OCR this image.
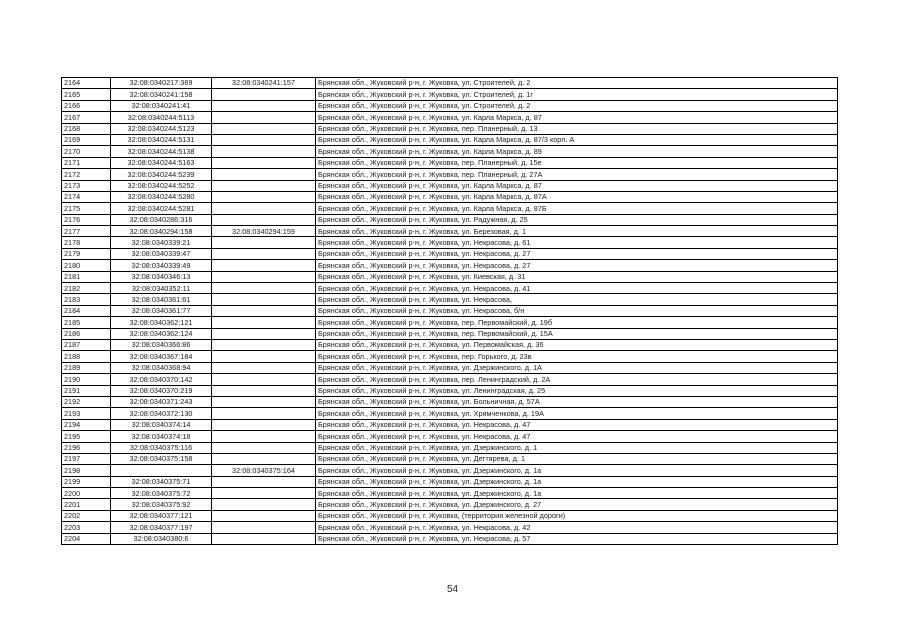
2164	32:08:0340217:369	32:08:0340241:157	Брянская обл., Жуковский р-н, г. Жуковка, ул. Строителей, д. 2
2165	32:08:0340241:158		Брянская обл., Жуковский р-н, г. Жуковка, ул. Строителей, д. 1г
2166	32:08:0340241:41		Брянская обл., Жуковский р-н, г. Жуковка, ул. Строителей, д. 2
2167	32:08:0340244:5113		Брянская обл., Жуковский р-н, г. Жуковка, ул. Карла Маркса, д. 87
2168	32:08:0340244:5123		Брянская обл., Жуковский р-н, г. Жуковка, пер. Планерный, д. 13
2169	32:08:0340244:5131		Брянская обл., Жуковский р-н, г. Жуковка, ул. Карла Маркса, д. 87/3 корп. А
2170	32:08:0340244:5138		Брянская обл., Жуковский р-н, г. Жуковка, ул. Карла Маркса, д. 89
2171	32:08:0340244:5163		Брянская обл., Жуковский р-н, г. Жуковка, пер. Планерный, д. 15е
2172	32:08:0340244:5239		Брянская обл., Жуковский р-н, г. Жуковка, пер. Планерный, д. 27А
2173	32:08:0340244:5252		Брянская обл., Жуковский р-н, г. Жуковка, ул. Карла Маркса, д. 87
2174	32:08:0340244:5280		Брянская обл., Жуковский р-н, г. Жуковка, ул. Карла Маркса, д. 87А
2175	32:08:0340244:5281		Брянская обл., Жуковский р-н, г. Жуковка, ул. Карла Маркса, д. 87Б
2176	32:08:0340286:316		Брянская обл., Жуковский р-н, г. Жуковка, ул. Радужная, д. 25
2177	32:08:0340294:158	32:08:0340294:159	Брянская обл., Жуковский р-н, г. Жуковка, ул. Березовая, д. 1
2178	32:08:0340339:21		Брянская обл., Жуковский р-н, г. Жуковка, ул. Некрасова, д. 61
2179	32:08:0340339:47		Брянская обл., Жуковский р-н, г. Жуковка, ул. Некрасова, д. 27
2180	32:08:0340339:49		Брянская обл., Жуковский р-н, г. Жуковка, ул. Некрасова, д. 27
2181	32:08:0340346:13		Брянская обл., Жуковский р-н, г. Жуковка, ул. Киевская, д. 31
2182	32:08:0340352:11		Брянская обл., Жуковский р-н, г. Жуковка, ул. Некрасова, д. 41
2183	32:08:0340361:61		Брянская обл., Жуковский р-н, г. Жуковка, ул. Некрасова,
2184	32:08:0340361:77		Брянская обл., Жуковский р-н, г. Жуковка, ул. Некрасова, б/н
2185	32:08:0340362:121		Брянская обл., Жуковский р-н, г. Жуковка, пер. Первомайский, д. 19б
2186	32:08:0340362:124		Брянская обл., Жуковский р-н, г. Жуковка, пер. Первомайский, д. 15А
2187	32:08:0340366:86		Брянская обл., Жуковский р-н, г. Жуковка, ул. Первомайская, д. 36
2188	32:08:0340367:184		Брянская обл., Жуковский р-н, г. Жуковка, пер. Горького, д. 23в
2189	32:08:0340368:94		Брянская обл., Жуковский р-н, г. Жуковка, ул. Дзержинского, д. 1А
2190	32:08:0340370:142		Брянская обл., Жуковский р-н, г. Жуковка, пер. Ленинградский, д. 2А
2191	32:08:0340370:219		Брянская обл., Жуковский р-н, г. Жуковка, ул. Ленинградская, д. 25
2192	32:08:0340371:243		Брянская обл., Жуковский р-н, г. Жуковка, ул. Больничная, д. 57А
2193	32:08:0340372:130		Брянская обл., Жуковский р-н, г. Жуковка, ул. Хрямченкова, д. 19А
2194	32:08:0340374:14		Брянская обл., Жуковский р-н, г. Жуковка, ул. Некрасова, д. 47
2195	32:08:0340374:18		Брянская обл., Жуковский р-н, г. Жуковка, ул. Некрасова, д. 47
2196	32:08:0340375:116		Брянская обл., Жуковский р-н, г. Жуковка, ул. Дзержинского, д. 1
2197	32:08:0340375:158		Брянская обл., Жуковский р-н, г. Жуковка, ул. Дегтярева, д. 1
2198		32:08:0340375:164	Брянская обл., Жуковский р-н, г. Жуковка, ул. Дзержинского, д. 1а
2199	32:08:0340375:71		Брянская обл., Жуковский р-н, г. Жуковка, ул. Дзержинского, д. 1а
2200	32:08:0340375:72		Брянская обл., Жуковский р-н, г. Жуковка, ул. Дзержинского, д. 1а
2201	32:08:0340375:92		Брянская обл., Жуковский р-н, г. Жуковка, ул. Дзержинского, д. 27
2202	32:08:0340377:121		Брянская обл., Жуковский р-н, г. Жуковка, (территория железной дороги)
2203	32:08:0340377:197		Брянская обл., Жуковский р-н, г. Жуковка, ул. Некрасова, д. 42
2204	32:08:0340380:6		Брянская обл., Жуковский р-н, г. Жуковка, ул. Некрасова, д. 57
54
